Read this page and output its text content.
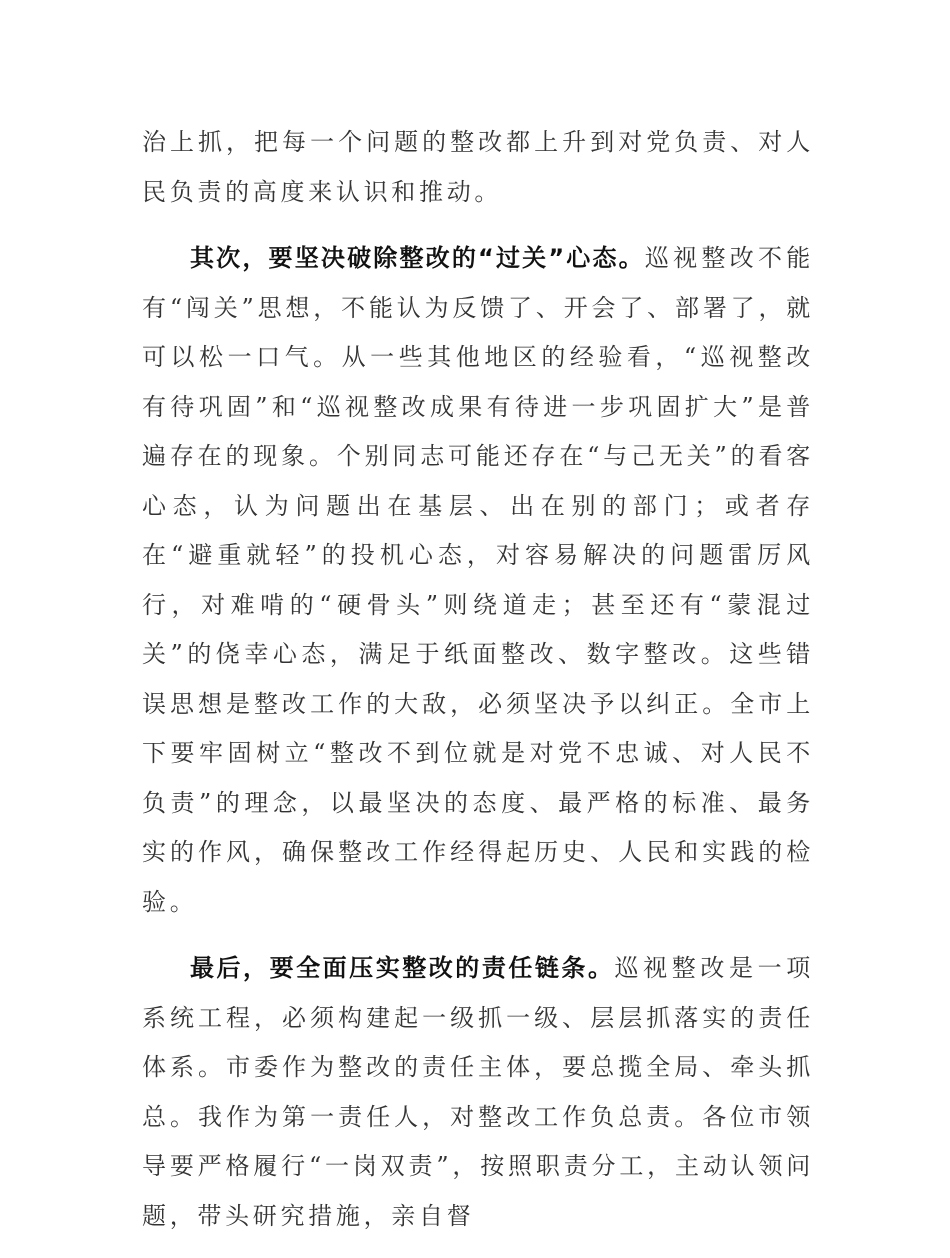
治上抓，把每一个问题的整改都上升到对党负责、对人民负责的高度来认识和推动。

其次，要坚决破除整改的“过关”心态。巡视整改不能有“闯关”思想，不能认为反馈了、开会了、部署了，就可以松一口气。从一些其他地区的经验看，“巡视整改有待巩固”和“巡视整改成果有待进一步巩固扩大”是普遍存在的现象。个别同志可能还存在“与己无关”的看客心态，认为问题出在基层、出在别的部门；或者存在“避重就轻”的投机心态，对容易解决的问题雷厉风行，对难啃的“硬骨头”则绕道走；甚至还有“蒙混过关”的侥幸心态，满足于纸面整改、数字整改。这些错误思想是整改工作的大敌，必须坚决予以纠正。全市上下要牢固树立“整改不到位就是对党不忠诚、对人民不负责”的理念，以最坚决的态度、最严格的标准、最务实的作风，确保整改工作经得起历史、人民和实践的检验。

最后，要全面压实整改的责任链条。巡视整改是一项系统工程，必须构建起一级抓一级、层层抓落实的责任体系。市委作为整改的责任主体，要总揽全局、牵头抓总。我作为第一责任人，对整改工作负总责。各位市领导要严格履行“一岗双责”，按照职责分工，主动认领问题，带头研究措施，亲自督
